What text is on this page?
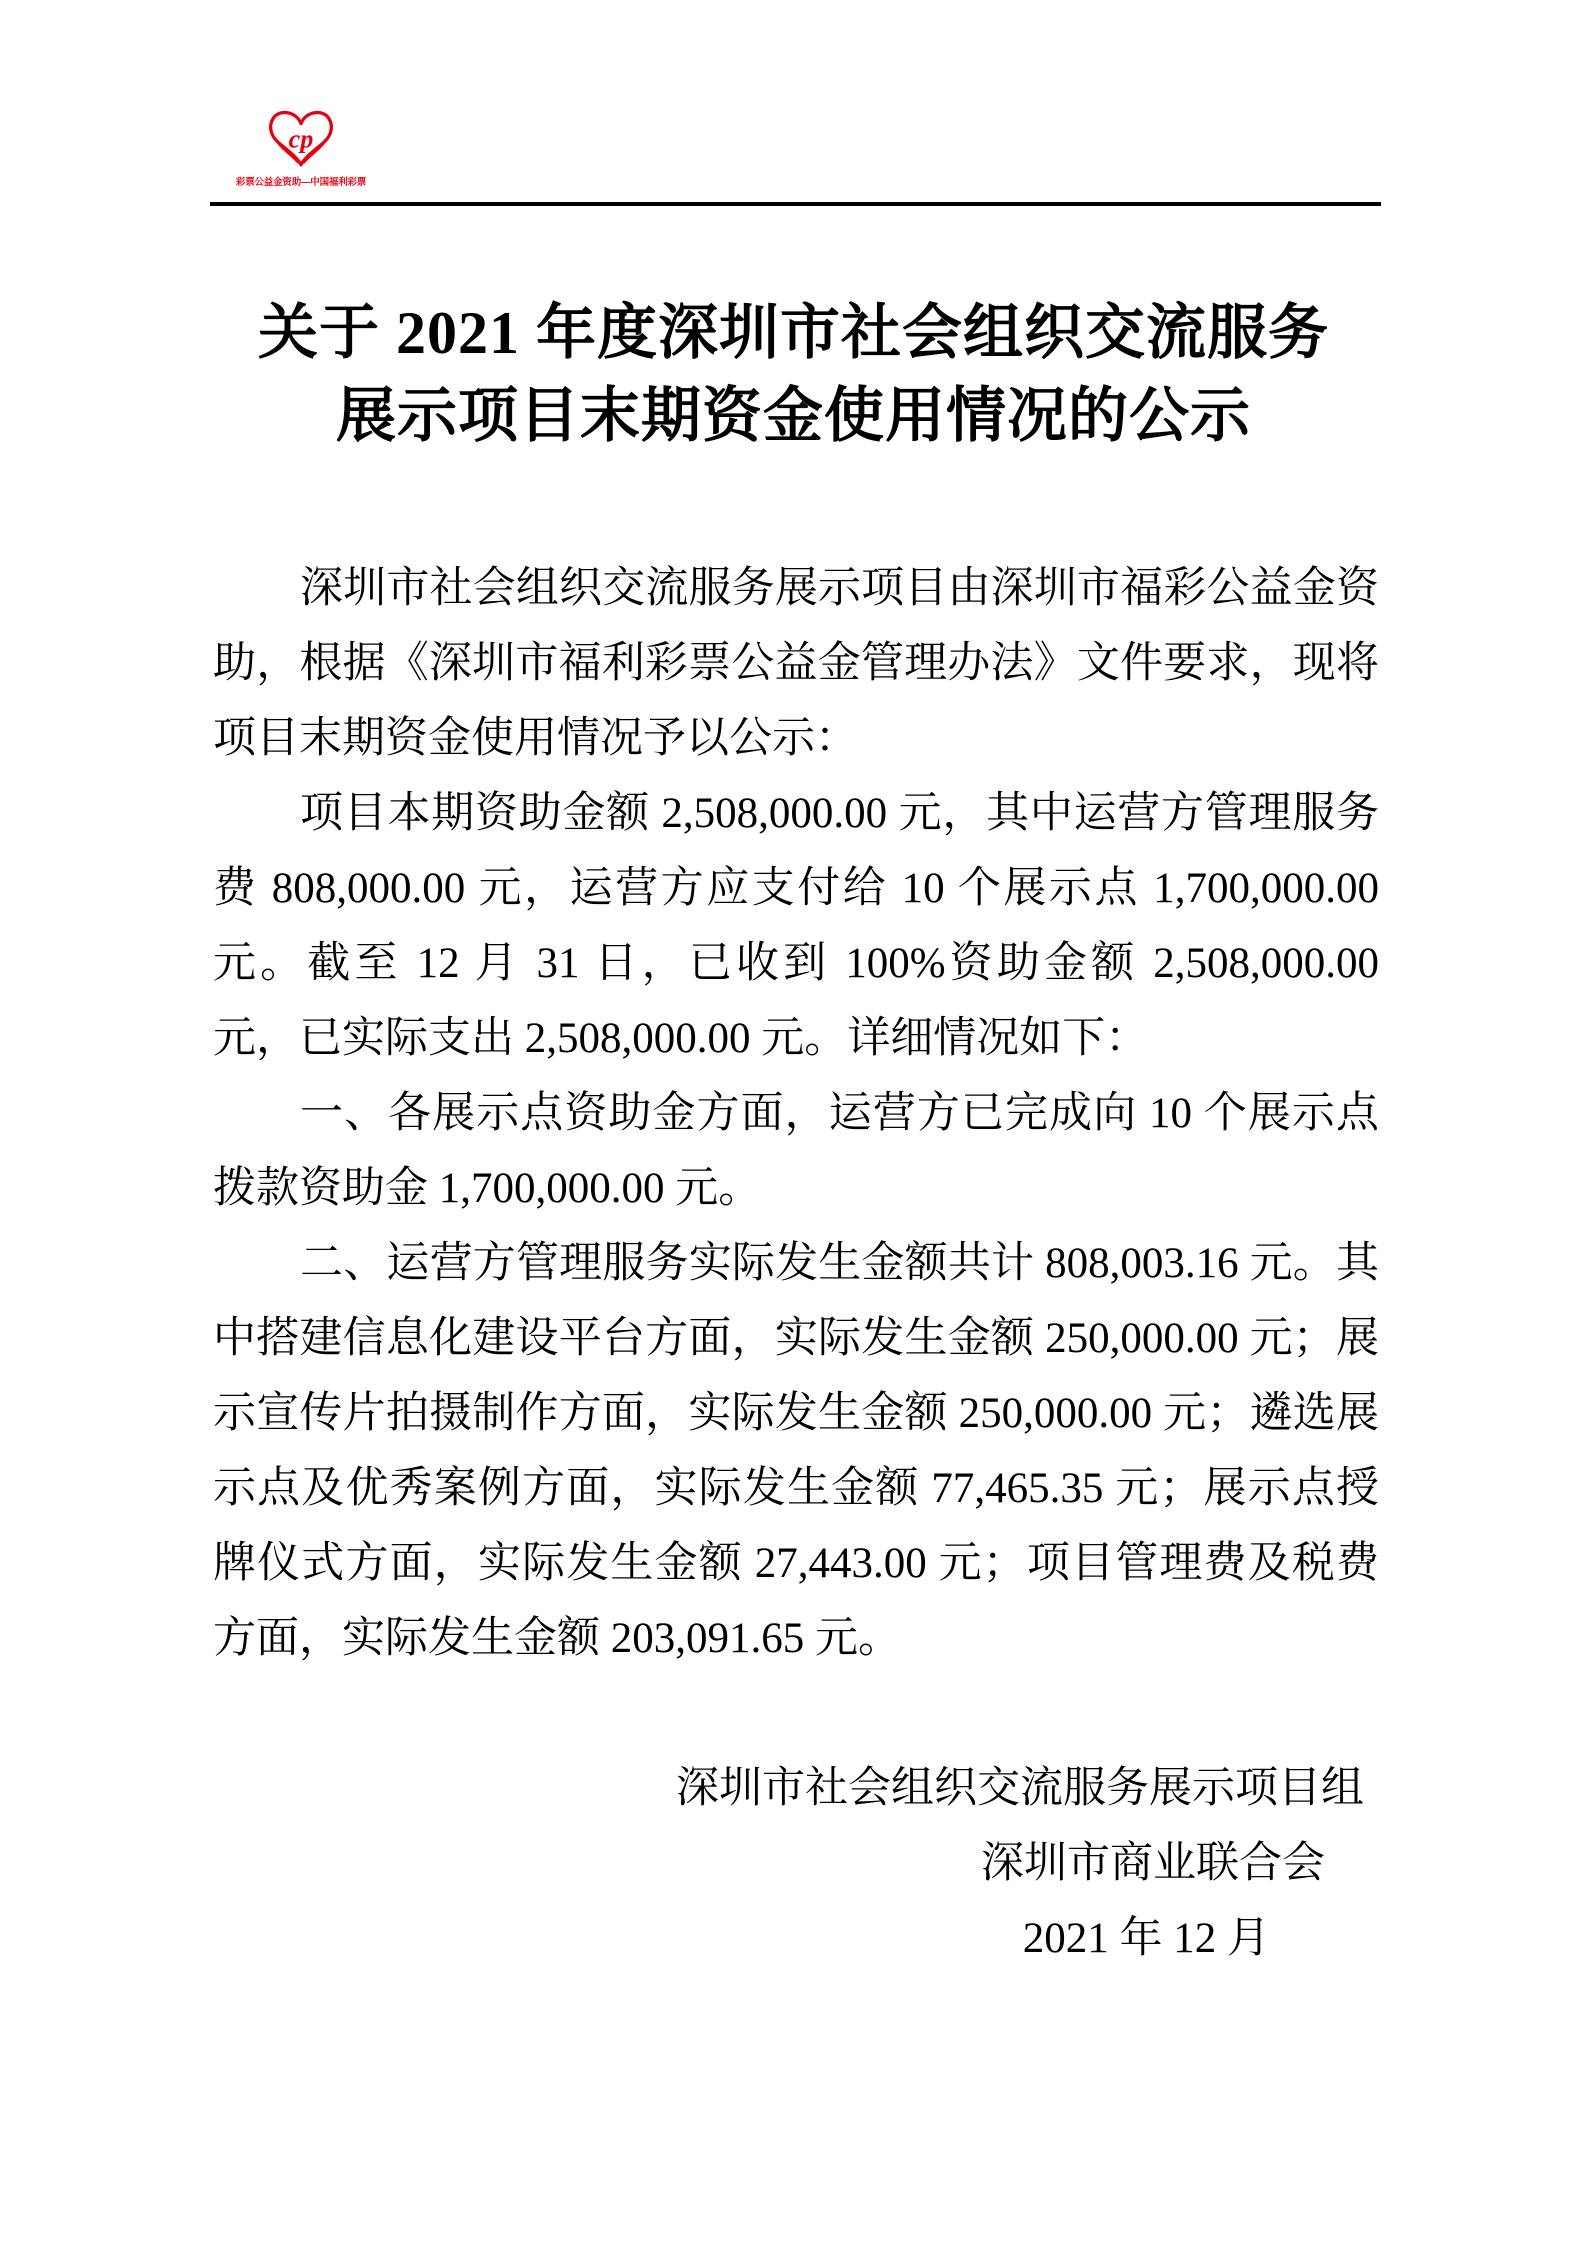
cp
彩票公益金资助—中国福利彩票
关于 2021 年度深圳市社会组织交流服务
展示项目末期资金使用情况的公示

深圳市社会组织交流服务展示项目由深圳市福彩公益金资助，根据《深圳市福利彩票公益金管理办法》文件要求，现将项目末期资金使用情况予以公示：

项目本期资助金额 2,508,000.00 元，其中运营方管理服务费 808,000.00 元，运营方应支付给 10 个展示点 1,700,000.00 元。截至 12 月 31 日，已收到 100%资助金额 2,508,000.00 元，已实际支出 2,508,000.00 元。详细情况如下：

一、各展示点资助金方面，运营方已完成向 10 个展示点拨款资助金 1,700,000.00 元。

二、运营方管理服务实际发生金额共计 808,003.16 元。其中搭建信息化建设平台方面，实际发生金额 250,000.00 元；展示宣传片拍摄制作方面，实际发生金额 250,000.00 元；遴选展示点及优秀案例方面，实际发生金额 77,465.35 元；展示点授牌仪式方面，实际发生金额 27,443.00 元；项目管理费及税费方面，实际发生金额 203,091.65 元。

深圳市社会组织交流服务展示项目组
深圳市商业联合会
2021 年 12 月
